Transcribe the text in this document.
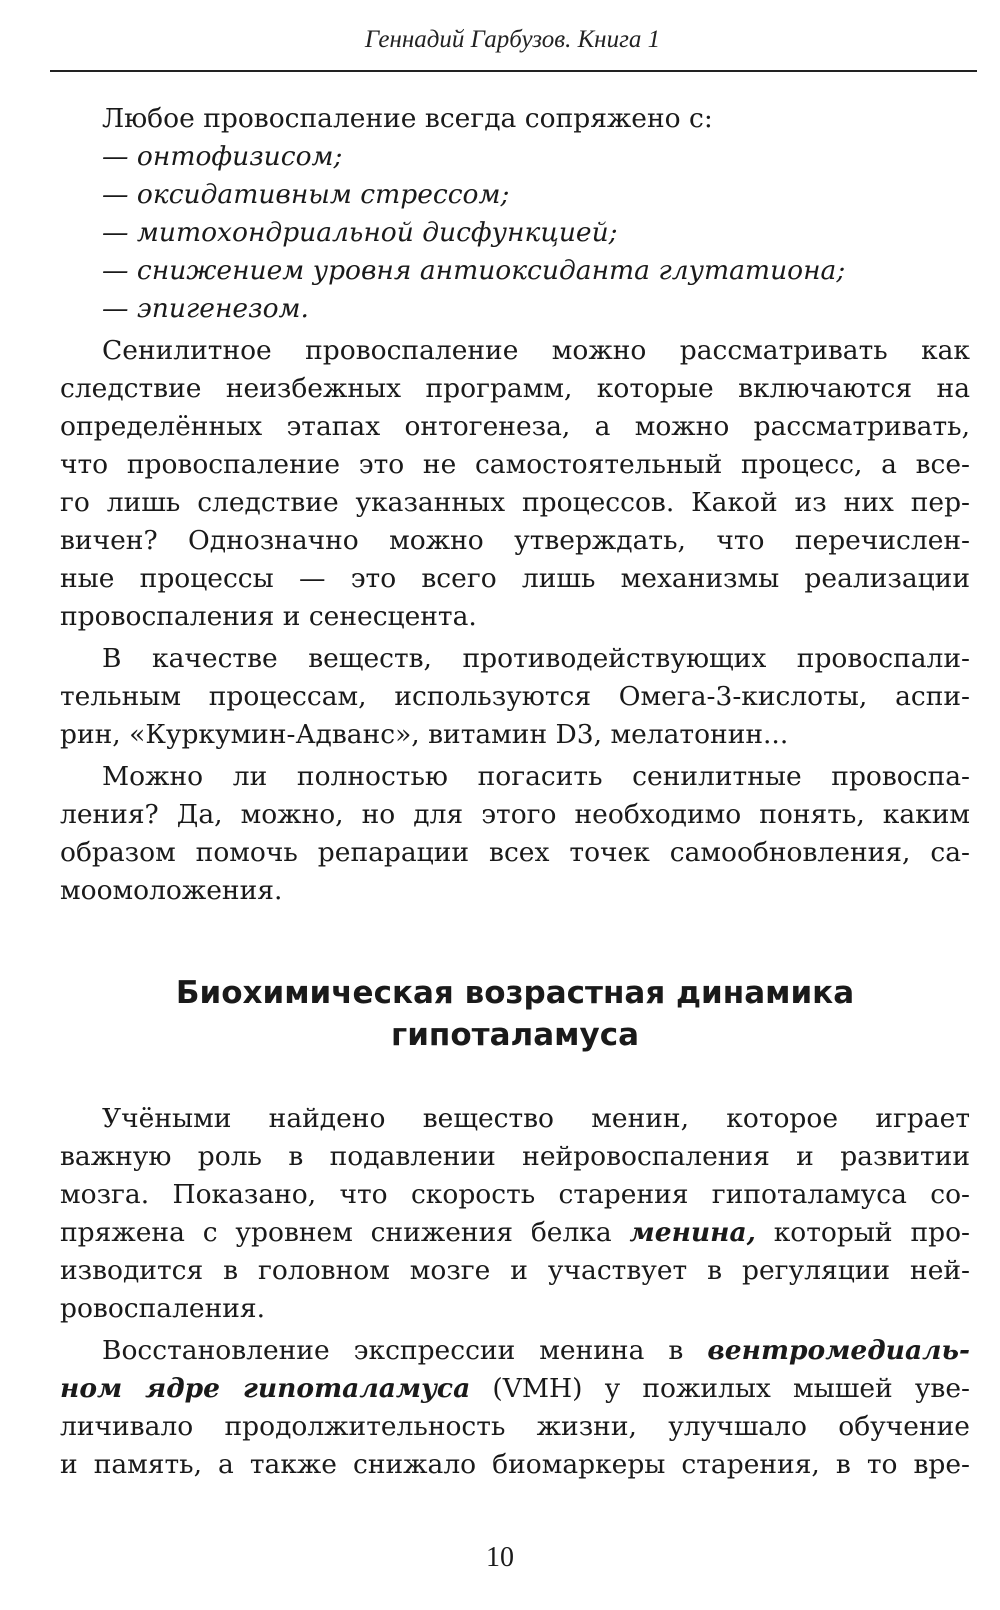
Геннадий Гарбузов. Книга 1
Любое провоспаление всегда сопряжено с:
— онтофизисом;
— оксидативным стрессом;
— митохондриальной дисфункцией;
— снижением уровня антиоксиданта глутатиона;
— эпигенезом.
Сенилитное провоспаление можно рассматривать как
следствие неизбежных программ, которые включаются на
определённых этапах онтогенеза, а можно рассматривать,
что провоспаление это не самостоятельный процесс, а все-
го лишь следствие указанных процессов. Какой из них пер-
вичен? Однозначно можно утверждать, что перечислен-
ные процессы — это всего лишь механизмы реализации
провоспаления и сенесцента.
В качестве веществ, противодействующих провоспали-
тельным процессам, используются Омега-3-кислоты, аспи-
рин, «Куркумин-Адванс», витамин D3, мелатонин...
Можно ли полностью погасить сенилитные провоспа-
ления? Да, можно, но для этого необходимо понять, каким
образом помочь репарации всех точек самообновления, са-
моомоложения.
Биохимическая возрастная динамика
гипоталамуса
Учёными найдено вещество менин, которое играет
важную роль в подавлении нейровоспаления и развитии
мозга. Показано, что скорость старения гипоталамуса со-
пряжена с уровнем снижения белка менина, который про-
изводится в головном мозге и участвует в регуляции ней-
ровоспаления.
Восстановление экспрессии менина в вентромедиаль-
ном ядре гипоталамуса (VMH) у пожилых мышей уве-
личивало продолжительность жизни, улучшало обучение
и память, а также снижало биомаркеры старения, в то вре-
10
